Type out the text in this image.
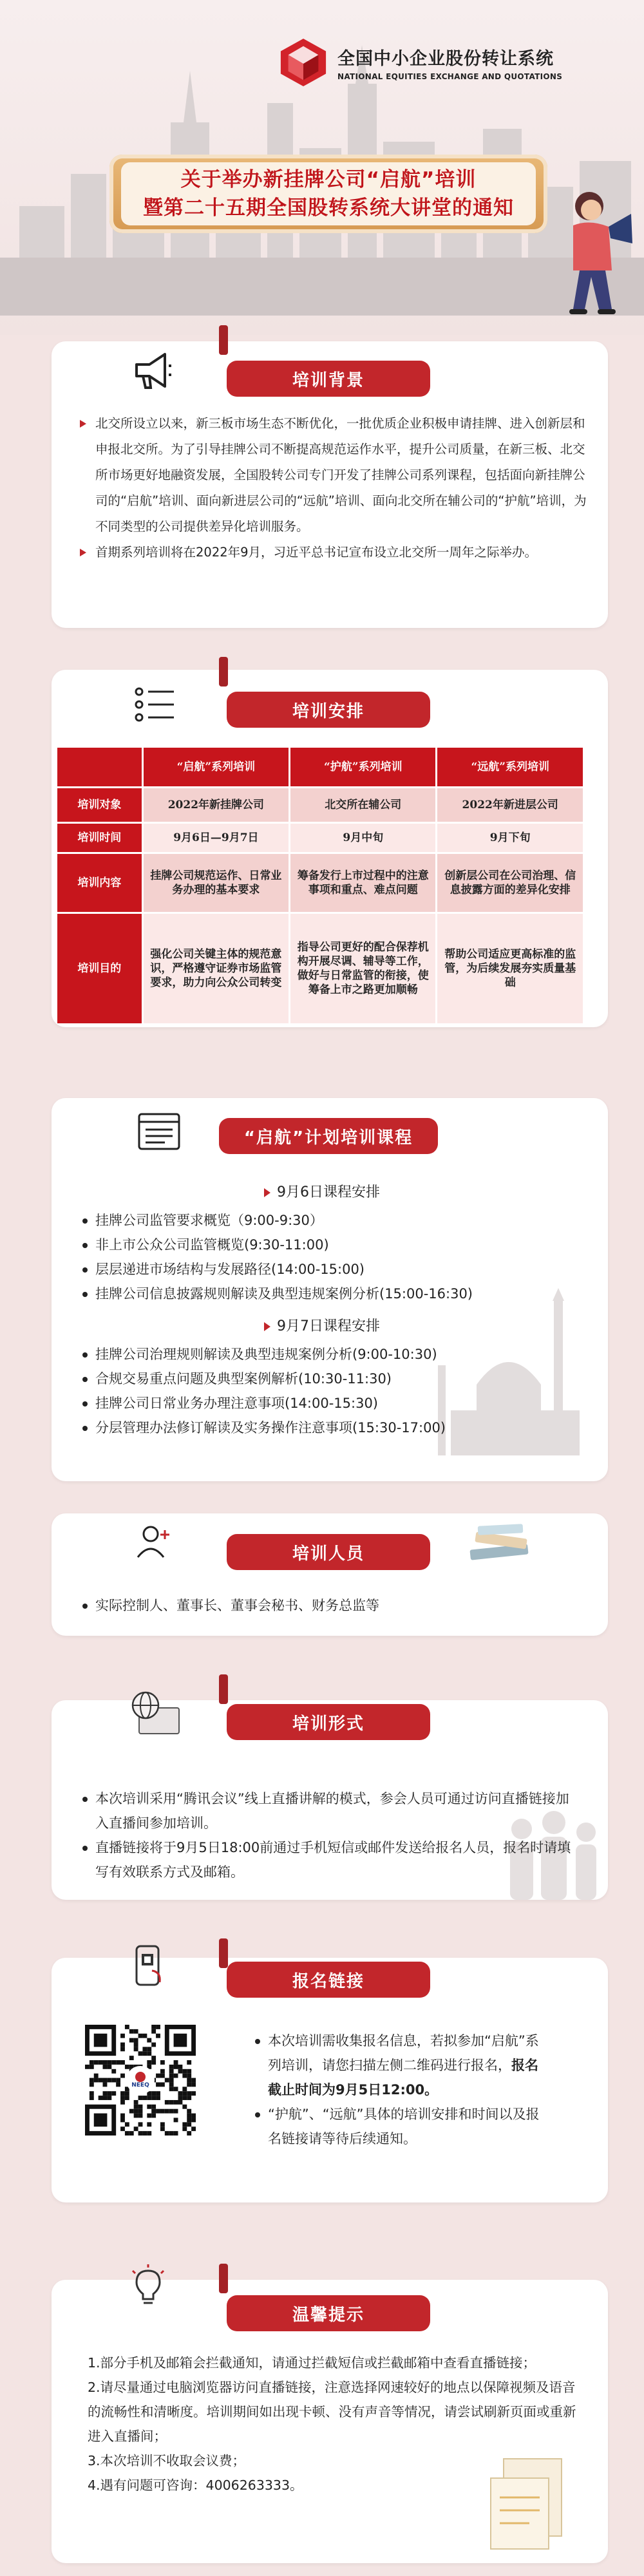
全国中小企业股份转让系统
NATIONAL EQUITIES EXCHANGE AND QUOTATIONS
关于举办新挂牌公司“启航”培训
暨第二十五期全国股转系统大讲堂的通知
培训背景

北交所设立以来，新三板市场生态不断优化，一批优质企业积极申请挂牌、进入创新层和申报北交所。为了引导挂牌公司不断提高规范运作水平，提升公司质量，在新三板、北交所市场更好地融资发展，全国股转公司专门开发了挂牌公司系列课程，包括面向新挂牌公司的“启航”培训、面向新进层公司的“远航”培训、面向北交所在辅公司的“护航”培训，为不同类型的公司提供差异化培训服务。

首期系列培训将在2022年9月，习近平总书记宣布设立北交所一周年之际举办。

培训安排
	“启航”系列培训	“护航”系列培训	“远航”系列培训
培训对象	2022年新挂牌公司	北交所在辅公司	2022年新进层公司
培训时间	9月6日—9月7日	9月中旬	9月下旬
培训内容	挂牌公司规范运作、日常业务办理的基本要求	筹备发行上市过程中的注意事项和重点、难点问题	创新层公司在公司治理、信息披露方面的差异化安排
培训目的	强化公司关键主体的规范意识，严格遵守证券市场监管要求，助力向公众公司转变	指导公司更好的配合保荐机构开展尽调、辅导等工作，做好与日常监管的衔接，使筹备上市之路更加顺畅	帮助公司适应更高标准的监管，为后续发展夯实质量基础
“启航”计划培训课程
9月6日课程安排
挂牌公司监管要求概览（9:00-9:30）
非上市公众公司监管概览(9:30-11:00)
层层递进市场结构与发展路径(14:00-15:00)
挂牌公司信息披露规则解读及典型违规案例分析(15:00-16:30)
9月7日课程安排
挂牌公司治理规则解读及典型违规案例分析(9:00-10:30)
合规交易重点问题及典型案例解析(10:30-11:30)
挂牌公司日常业务办理注意事项(14:00-15:30)
分层管理办法修订解读及实务操作注意事项(15:30-17:00)
培训人员
实际控制人、董事长、董事会秘书、财务总监等
培训形式
本次培训采用“腾讯会议”线上直播讲解的模式，参会人员可通过访问直播链接加入直播间参加培训。
直播链接将于9月5日18:00前通过手机短信或邮件发送给报名人员，报名时请填写有效联系方式及邮箱。
报名链接
NEEQ

本次培训需收集报名信息，若拟参加“启航”系列培训，请您扫描左侧二维码进行报名，报名截止时间为9月5日12:00。

“护航”、“远航”具体的培训安排和时间以及报名链接请等待后续通知。

温馨提示

1.部分手机及邮箱会拦截通知，请通过拦截短信或拦截邮箱中查看直播链接；

2.请尽量通过电脑浏览器访问直播链接，注意选择网速较好的地点以保障视频及语音的流畅性和清晰度。培训期间如出现卡顿、没有声音等情况，请尝试刷新页面或重新进入直播间；

3.本次培训不收取会议费；

4.遇有问题可咨询：4006263333。
